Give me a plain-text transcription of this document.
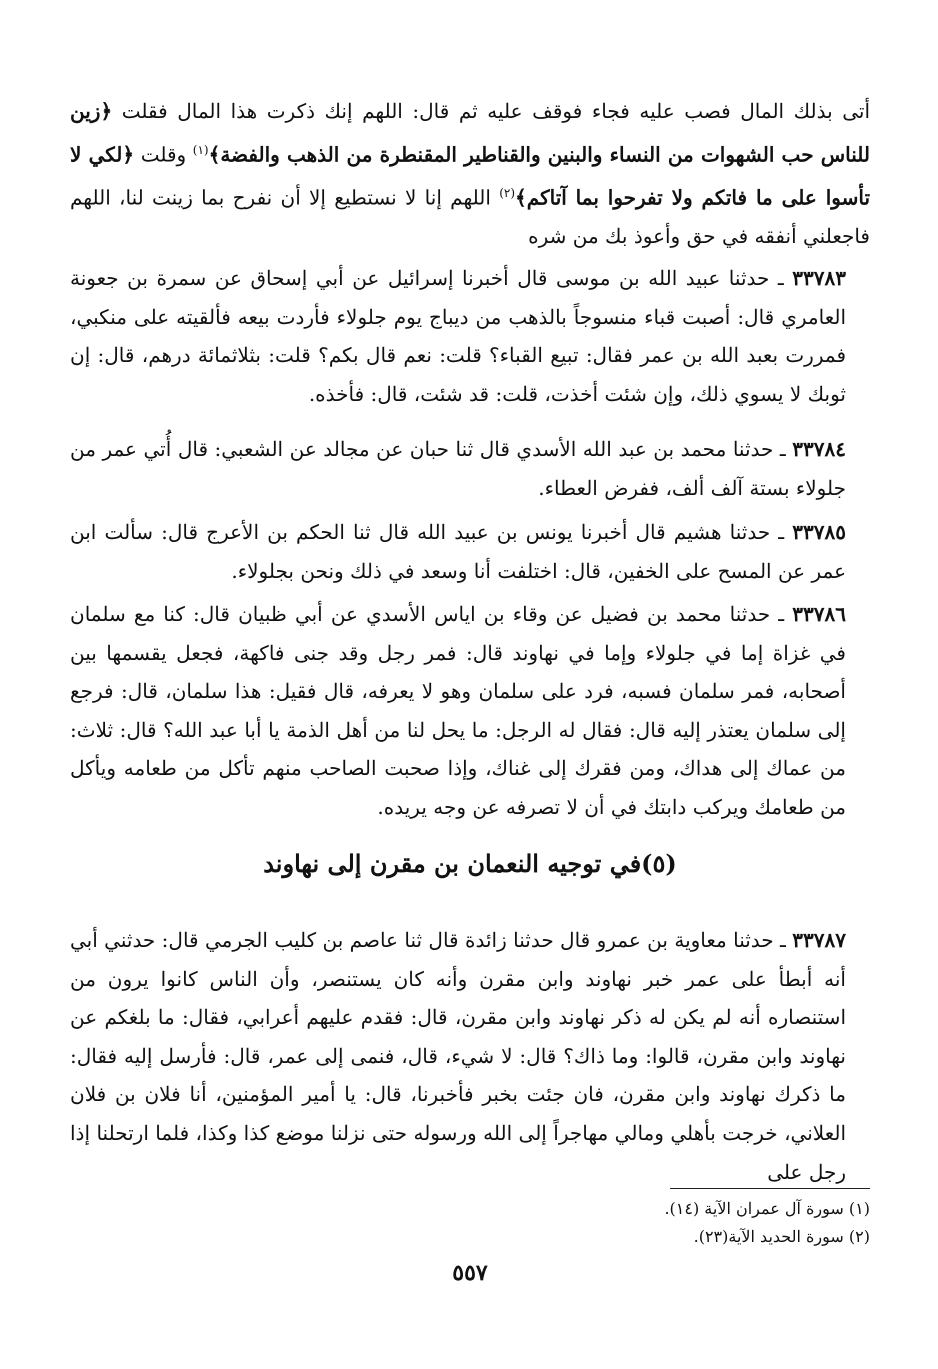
أتى بذلك المال فصب عليه فجاء فوقف عليه ثم قال: اللهم إنك ذكرت هذا المال فقلت ﴿زين للناس حب الشهوات من النساء والبنين والقناطير المقنطرة من الذهب والفضة﴾$^{(١)}$ وقلت ﴿لكي لا تأسوا على ما فاتكم ولا تفرحوا بما آتاكم﴾$^{(٢)}$ اللهم إنا لا نستطيع إلا أن نفرح بما زينت لنا، اللهم فاجعلني أنفقه في حق وأعوذ بك من شره

٣٣٧٨٣ ـ حدثنا عبيد الله بن موسى قال أخبرنا إسرائيل عن أبي إسحاق عن سمرة بن جعونة العامري قال: أصبت قباء منسوجاً بالذهب من ديباج يوم جلولاء فأردت بيعه فألقيته على منكبي، فمررت بعبد الله بن عمر فقال: تبيع القباء؟ قلت: نعم قال بكم؟ قلت: بثلاثمائة درهم، قال: إن ثوبك لا يسوي ذلك، وإن شئت أخذت، قلت: قد شئت، قال: فأخذه.

٣٣٧٨٤ ـ حدثنا محمد بن عبد الله الأسدي قال ثنا حبان عن مجالد عن الشعبي: قال أُتي عمر من جلولاء بستة آلف ألف، ففرض العطاء.

٣٣٧٨٥ ـ حدثنا هشيم قال أخبرنا يونس بن عبيد الله قال ثنا الحكم بن الأعرج قال: سألت ابن عمر عن المسح على الخفين، قال: اختلفت أنا وسعد في ذلك ونحن بجلولاء.

٣٣٧٨٦ ـ حدثنا محمد بن فضيل عن وقاء بن اياس الأسدي عن أبي ظبيان قال: كنا مع سلمان في غزاة إما في جلولاء وإما في نهاوند قال: فمر رجل وقد جنى فاكهة، فجعل يقسمها بين أصحابه، فمر سلمان فسبه، فرد على سلمان وهو لا يعرفه، قال فقيل: هذا سلمان، قال: فرجع إلى سلمان يعتذر إليه قال: فقال له الرجل: ما يحل لنا من أهل الذمة يا أبا عبد الله؟ قال: ثلاث: من عماك إلى هداك، ومن فقرك إلى غناك، وإذا صحبت الصاحب منهم تأكل من طعامه ويأكل من طعامك ويركب دابتك في أن لا تصرفه عن وجه يريده.

(٥)في توجيه النعمان بن مقرن إلى نهاوند

٣٣٧٨٧ ـ حدثنا معاوية بن عمرو قال حدثنا زائدة قال ثنا عاصم بن كليب الجرمي قال: حدثني أبي أنه أبطأ على عمر خبر نهاوند وابن مقرن وأنه كان يستنصر، وأن الناس كانوا يرون من استنصاره أنه لم يكن له ذكر نهاوند وابن مقرن، قال: فقدم عليهم أعرابي، فقال: ما بلغكم عن نهاوند وابن مقرن، قالوا: وما ذاك؟ قال: لا شيء، قال، فنمى إلى عمر، قال: فأرسل إليه فقال: ما ذكرك نهاوند وابن مقرن، فان جئت بخبر فأخبرنا، قال: يا أمير المؤمنين، أنا فلان بن فلان العلاني، خرجت بأهلي ومالي مهاجراً إلى الله ورسوله حتى نزلنا موضع كذا وكذا، فلما ارتحلنا إذا رجل على

(١) سورة آل عمران الآية (١٤).
(٢) سورة الحديد الآية(٢٣).
٥٥٧
